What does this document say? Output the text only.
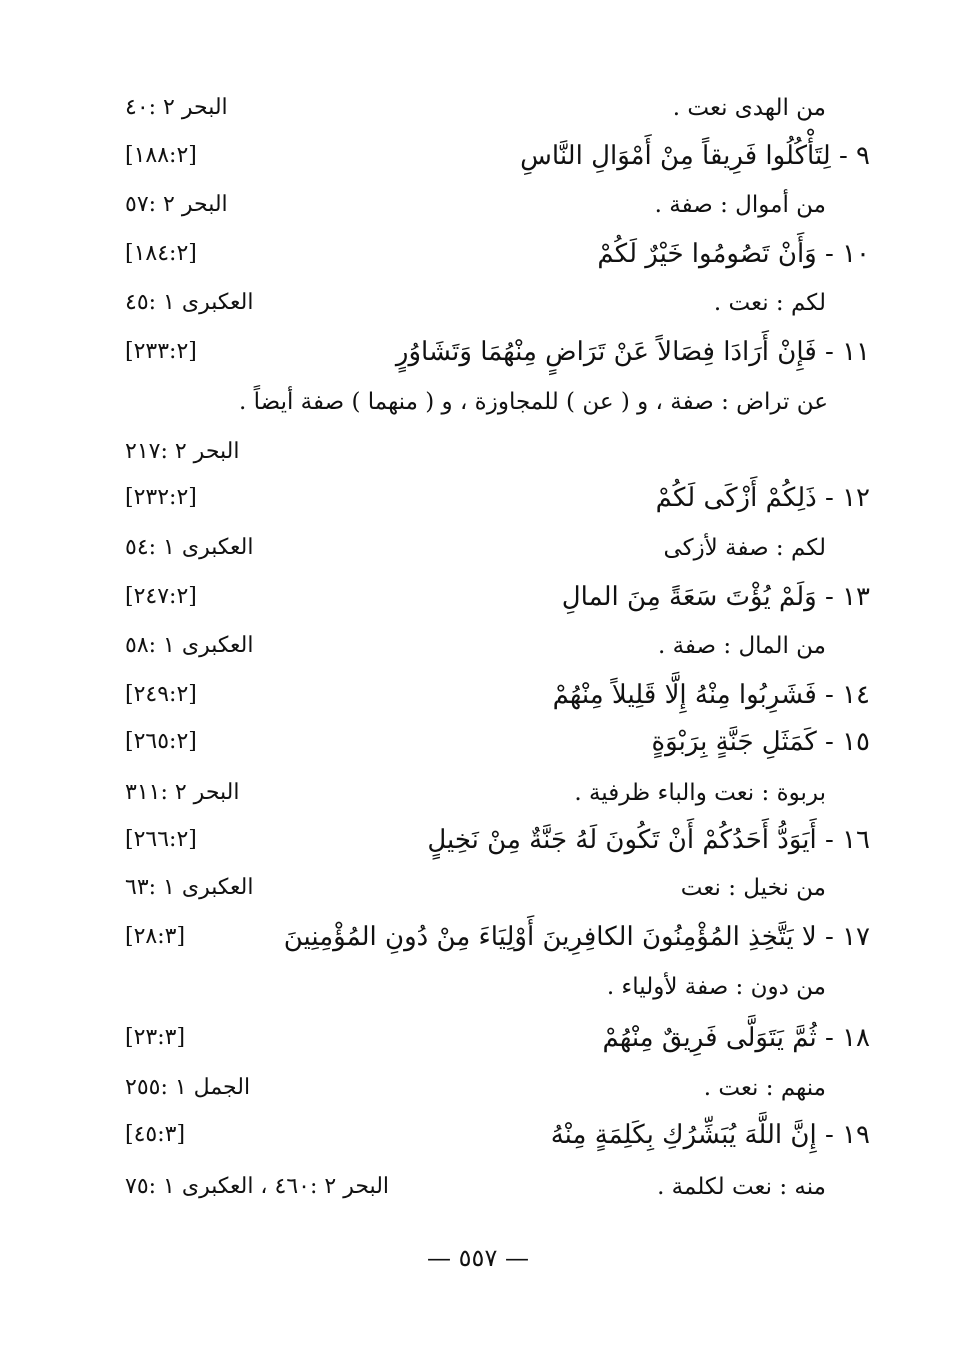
من الهدى نعت .
البحر ٢ :٤٠
٩ - لِتَأْكُلُوا فَرِيقاً مِنْ أَمْوَالِ النَّاسِ
[١٨٨:٢]
من أموال : صفة .
البحر ٢ :٥٧
١٠ - وَأَنْ تَصُومُوا خَيْرٌ لَكُمْ
[١٨٤:٢]
لكم : نعت .
العكبرى ١ :٤٥
١١ - فَإِنْ أَرَادَا فِصَالاً عَنْ تَرَاضٍ مِنْهُمَا وَتَشَاوُرٍ
[٢٣٣:٢]
عن تراض : صفة ، و ( عن ) للمجاوزة ، و ( منهما ) صفة أيضاً .
البحر ٢ :٢١٧
١٢ - ذَلِكُمْ أَزْكَى لَكُمْ
[٢٣٢:٢]
لكم : صفة لأزكى
العكبرى ١ :٥٤
١٣ - وَلَمْ يُؤْتَ سَعَةً مِنَ المالِ
[٢٤٧:٢]
من المال : صفة .
العكبرى ١ :٥٨
١٤ - فَشَرِبُوا مِنْهُ إِلَّا قَلِيلاً مِنْهُمْ
[٢٤٩:٢]
١٥ - كَمَثَلِ جَنَّةٍ بِرَبْوَةٍ
[٢٦٥:٢]
بربوة : نعت والباء ظرفية .
البحر ٢ :٣١١
١٦ - أَيَوَدُّ أَحَدُكُمْ أَنْ تَكُونَ لَهُ جَنَّةٌ مِنْ نَخِيلٍ
[٢٦٦:٢]
من نخيل : نعت
العكبرى ١ :٦٣
١٧ - لا يَتَّخِذِ المُؤْمِنُونَ الكافِرِينَ أَوْلِيَاءَ مِنْ دُونِ المُؤْمِنِينَ
[٢٨:٣]
من دون : صفة لأولياء .
١٨ - ثُمَّ يَتَوَلَّى فَرِيقٌ مِنْهُمْ
[٢٣:٣]
منهم : نعت .
الجمل ١ :٢٥٥
١٩ - إِنَّ اللَّهَ يُبَشِّرُكِ بِكَلِمَةٍ مِنْهُ
[٤٥:٣]
منه : نعت لكلمة .
البحر ٢ :٤٦٠ ، العكبرى ١ :٧٥
— ٥٥٧ —
